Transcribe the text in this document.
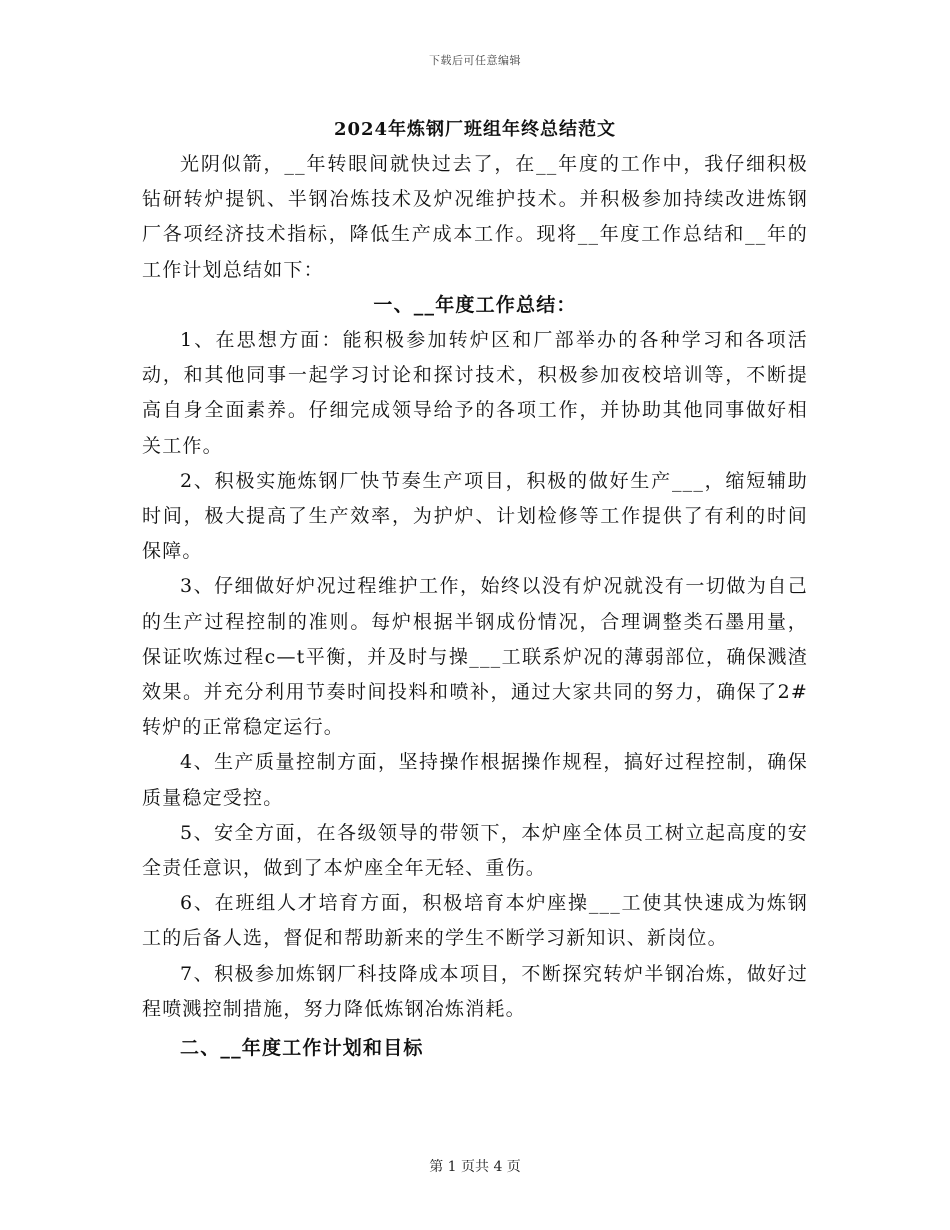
下载后可任意编辑
2024年炼钢厂班组年终总结范文

光阴似箭，__年转眼间就快过去了，在__年度的工作中，我仔细积极钻研转炉提钒、半钢冶炼技术及炉况维护技术。并积极参加持续改进炼钢厂各项经济技术指标，降低生产成本工作。现将__年度工作总结和__年的工作计划总结如下：

一、__年度工作总结：

1、在思想方面：能积极参加转炉区和厂部举办的各种学习和各项活动，和其他同事一起学习讨论和探讨技术，积极参加夜校培训等，不断提高自身全面素养。仔细完成领导给予的各项工作，并协助其他同事做好相关工作。

2、积极实施炼钢厂快节奏生产项目，积极的做好生产___，缩短辅助时间，极大提高了生产效率，为护炉、计划检修等工作提供了有利的时间保障。

3、仔细做好炉况过程维护工作，始终以没有炉况就没有一切做为自己的生产过程控制的准则。每炉根据半钢成份情况，合理调整类石墨用量，保证吹炼过程c—t平衡，并及时与操___工联系炉况的薄弱部位，确保溅渣效果。并充分利用节奏时间投料和喷补，通过大家共同的努力，确保了2#转炉的正常稳定运行。

4、生产质量控制方面，坚持操作根据操作规程，搞好过程控制，确保质量稳定受控。

5、安全方面，在各级领导的带领下，本炉座全体员工树立起高度的安全责任意识，做到了本炉座全年无轻、重伤。

6、在班组人才培育方面，积极培育本炉座操___工使其快速成为炼钢工的后备人选，督促和帮助新来的学生不断学习新知识、新岗位。

7、积极参加炼钢厂科技降成本项目，不断探究转炉半钢冶炼，做好过程喷溅控制措施，努力降低炼钢冶炼消耗。

二、__年度工作计划和目标
第 1 页共 4 页
